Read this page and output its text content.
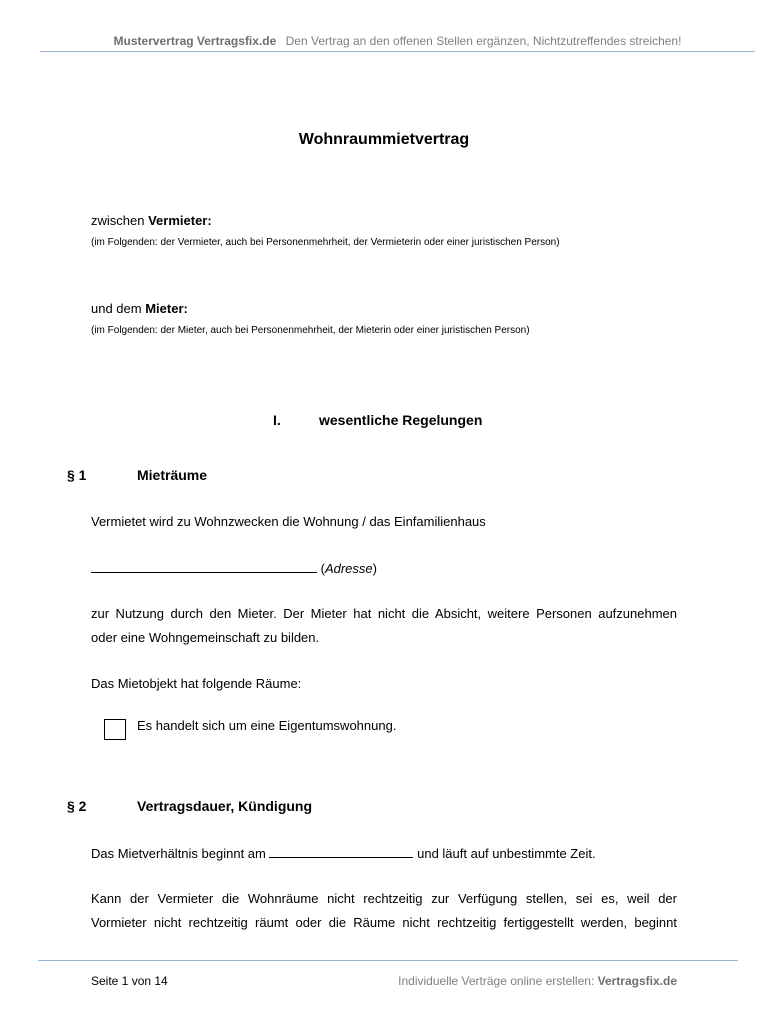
Mustervertrag Vertragsfix.de Den Vertrag an den offenen Stellen ergänzen, Nichtzutreffendes streichen!
Wohnraummietvertrag
zwischen Vermieter:
(im Folgenden: der Vermieter, auch bei Personenmehrheit, der Vermieterin oder einer juristischen Person)
und dem Mieter:
(im Folgenden: der Mieter, auch bei Personenmehrheit, der Mieterin oder einer juristischen Person)
I.	wesentliche Regelungen
§ 1	Mieträume
Vermietet wird zu Wohnzwecken die Wohnung / das Einfamilienhaus
(Adresse)
zur Nutzung durch den Mieter. Der Mieter hat nicht die Absicht, weitere Personen aufzunehmen
oder eine Wohngemeinschaft zu bilden.
Das Mietobjekt hat folgende Räume:
Es handelt sich um eine Eigentumswohnung.
§ 2	Vertragsdauer, Kündigung
Das Mietverhältnis beginnt am	und läuft auf unbestimmte Zeit.
Kann der Vermieter die Wohnräume nicht rechtzeitig zur Verfügung stellen, sei es, weil der
Vormieter nicht rechtzeitig räumt oder die Räume nicht rechtzeitig fertiggestellt werden, beginnt
Seite 1 von 14	Individuelle Verträge online erstellen: Vertragsfix.de
